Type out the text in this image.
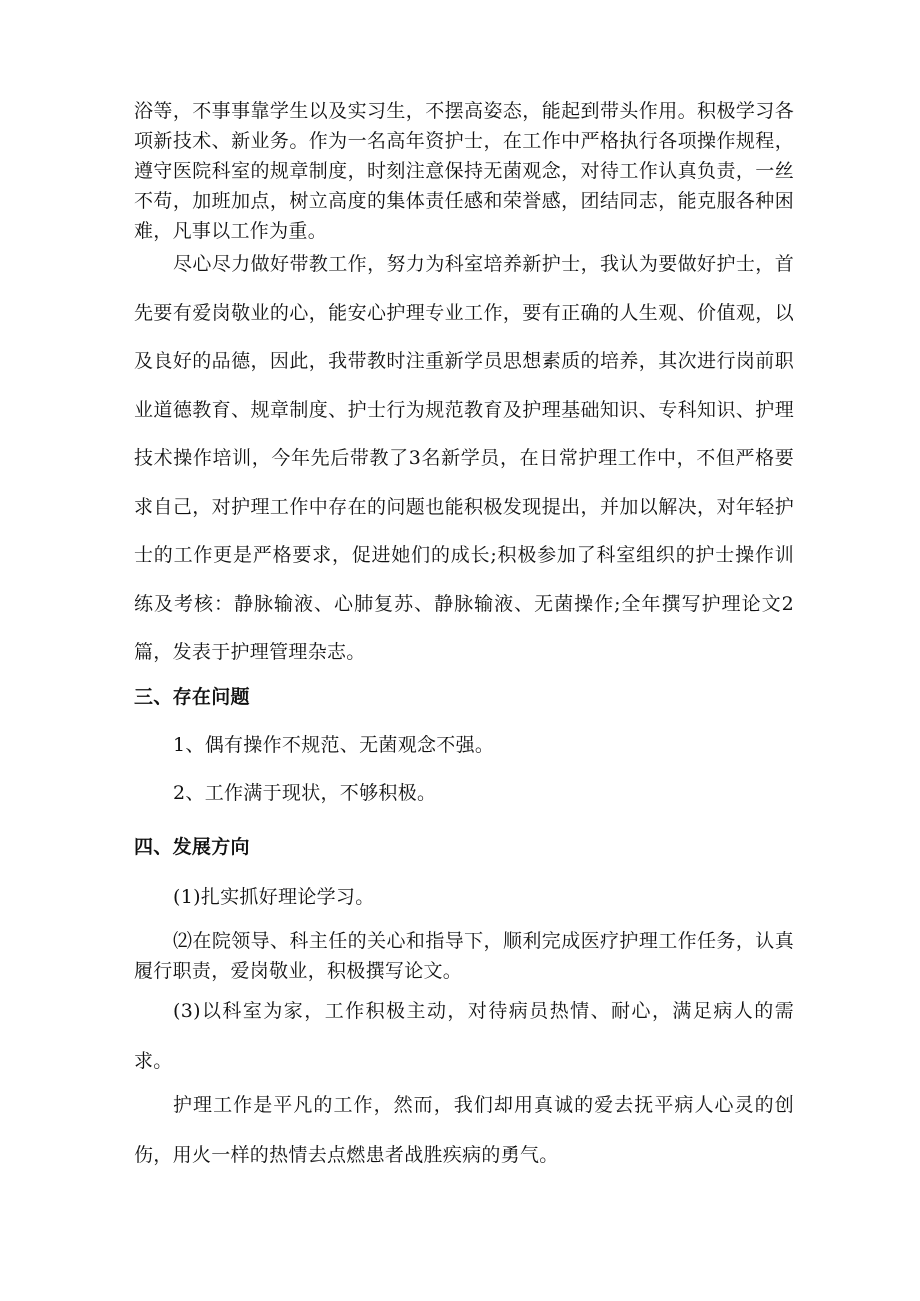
浴等，不事事靠学生以及实习生，不摆高姿态，能起到带头作用。积极学习各项新技术、新业务。作为一名高年资护士，在工作中严格执行各项操作规程，遵守医院科室的规章制度，时刻注意保持无菌观念，对待工作认真负责，一丝不苟，加班加点，树立高度的集体责任感和荣誉感，团结同志，能克服各种困难，凡事以工作为重。

尽心尽力做好带教工作，努力为科室培养新护士，我认为要做好护士，首先要有爱岗敬业的心，能安心护理专业工作，要有正确的人生观、价值观，以及良好的品德，因此，我带教时注重新学员思想素质的培养，其次进行岗前职业道德教育、规章制度、护士行为规范教育及护理基础知识、专科知识、护理技术操作培训，今年先后带教了3名新学员，在日常护理工作中，不但严格要求自己，对护理工作中存在的问题也能积极发现提出，并加以解决，对年轻护士的工作更是严格要求，促进她们的成长;积极参加了科室组织的护士操作训练及考核：静脉输液、心肺复苏、静脉输液、无菌操作;全年撰写护理论文2篇，发表于护理管理杂志。

三、存在问题

1、偶有操作不规范、无菌观念不强。

2、工作满于现状，不够积极。

四、发展方向

(1)扎实抓好理论学习。

⑵在院领导、科主任的关心和指导下，顺利完成医疗护理工作任务，认真履行职责，爱岗敬业，积极撰写论文。

(3)以科室为家，工作积极主动，对待病员热情、耐心，满足病人的需求。

护理工作是平凡的工作，然而，我们却用真诚的爱去抚平病人心灵的创伤，用火一样的热情去点燃患者战胜疾病的勇气。
